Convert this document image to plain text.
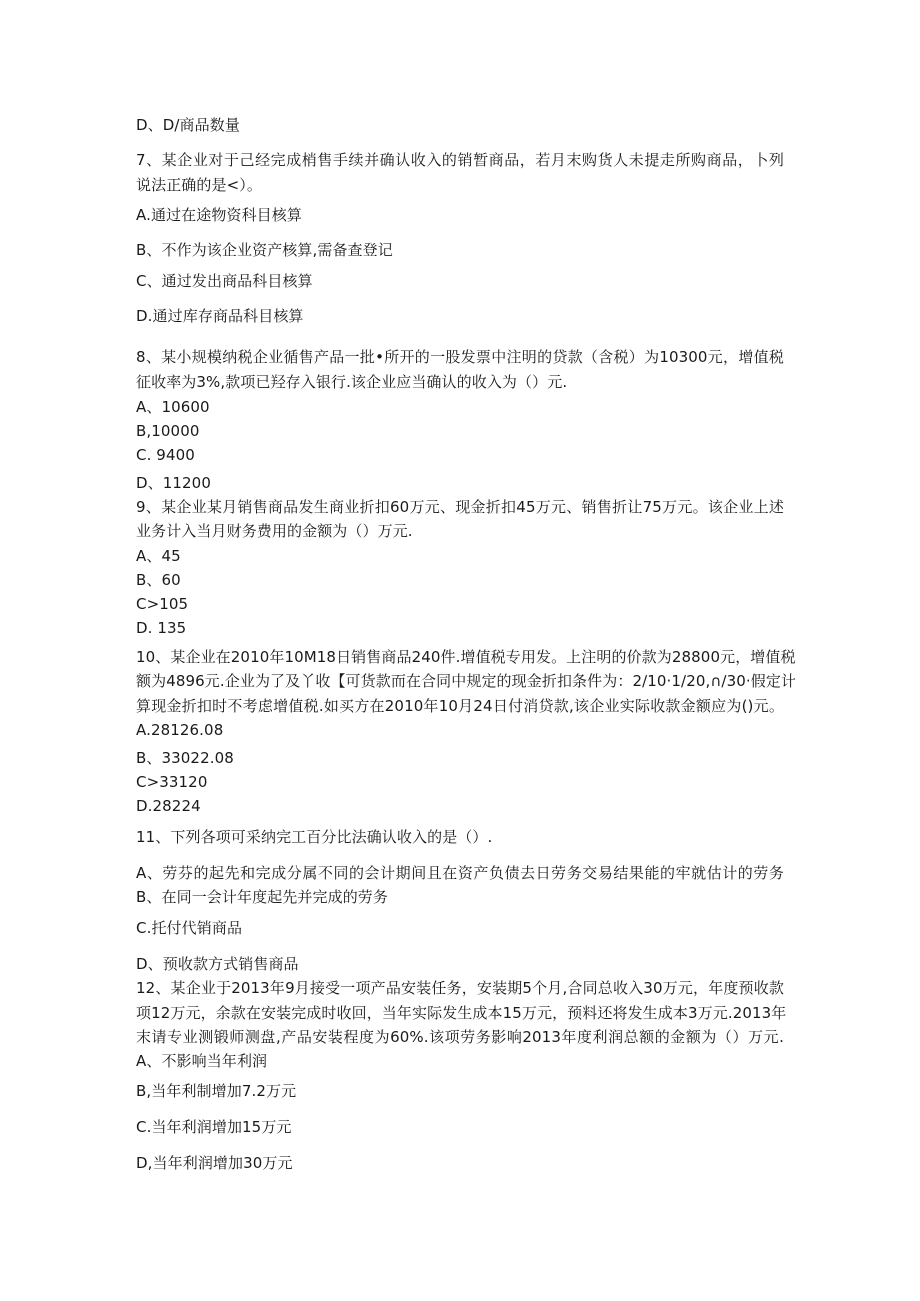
D、D/商品数量
7、某企业对于己经完成梢售手续并确认收入的销暂商品，若月末购货人未提走所购商品，卜列
说法正确的是<）。
A.通过在途物资科目核算
B、不作为该企业资产核算,需备查登记
C、通过发出商品科目核算
D.通过库存商品科目核算
8、某小规模纳税企业循售产品一批•所开的一股发票中注明的贷款（含税）为10300元，增值税
征收率为3%,款项已羟存入银行.该企业应当确认的收入为（）元.
A、10600
B,10000
C. 9400
D、11200
9、某企业某月销售商品发生商业折扣60万元、现金折扣45万元、销售折让75万元。该企业上述
业务计入当月财务费用的金额为（）万元.
A、45
B、60
C>105
D. 135
10、某企业在2010年10M18日销售商品240件.增值税专用发。上注明的价款为28800元，增值税
额为4896元.企业为了及丫收【可货款而在合同中规定的现金折扣条件为：2∕10·1∕20,∩∕30·假定计
算现金折扣时不考虑增值税.如买方在2010年10月24日付消贷款,该企业实际收款金额应为()元。
A.28126.08
B、33022.08
C>33120
D.28224
11、下列各项可采纳完工百分比法确认收入的是（）.
A、劳芬的起先和完成分属不同的会计期间且在资产负债去日劳务交易结果能的牢就估计的劳务
B、在同一会计年度起先并完成的劳务
C.托付代销商品
D、预收款方式销售商品
12、某企业于2013年9月接受一项产品安装任务，安装期5个月,合同总收入30万元，年度预收款
项12万元，余款在安装完成时收回，当年实际发生成本15万元，预料还将发生成本3万元.2013年
末请专业测锻师测盘,产品安装程度为60%.该项劳务影响2013年度利润总额的金额为（）万元.
A、不影响当年利润
B,当年利制增加7.2万元
C.当年利润增加15万元
D,当年利润增加30万元
